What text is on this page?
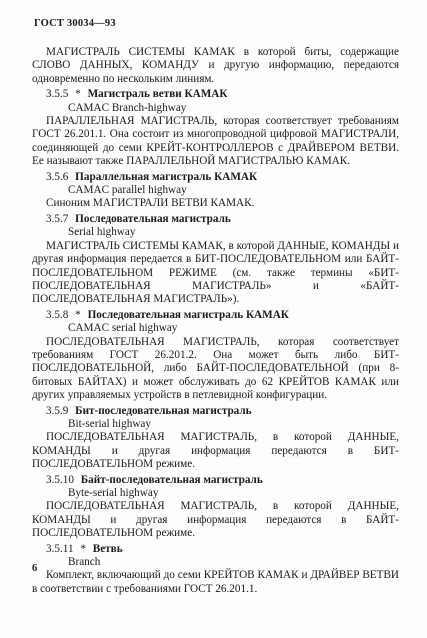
ГОСТ 30034—93

МАГИСТРАЛЬ СИСТЕМЫ КАМАК в которой биты, содержащие СЛОВО ДАННЫХ, КОМАНДУ и другую информацию, передаются одновременно по нескольким линиям.

3.5.5 * Магистраль ветви КАМАК
CAMAC Branch-highway

ПАРАЛЛЕЛЬНАЯ МАГИСТРАЛЬ, которая соответствует требованиям ГОСТ 26.201.1. Она состоит из многопроводной цифровой МАГИСТРАЛИ, соединяющей до семи КРЕЙТ-КОНТРОЛЛЕРОВ с ДРАЙВЕРОМ ВЕТВИ. Ее называют также ПАРАЛЛЕЛЬНОЙ МАГИСТРАЛЬЮ КАМАК.

3.5.6 Параллельная магистраль КАМАК
CAMAC parallel highway

Синоним МАГИСТРАЛИ ВЕТВИ КАМАК.

3.5.7 Последовательная магистраль
Serial highway

МАГИСТРАЛЬ СИСТЕМЫ КАМАК, в которой ДАННЫЕ, КОМАНДЫ и другая информация передается в БИТ-ПОСЛЕДОВАТЕЛЬНОМ или БАЙТ-ПОСЛЕДОВАТЕЛЬНОМ РЕЖИМЕ (см. также термины «БИТ-ПОСЛЕДОВАТЕЛЬНАЯ МАГИСТРАЛЬ» и «БАЙТ-ПОСЛЕДОВАТЕЛЬНАЯ МАГИСТРАЛЬ»).

3.5.8 * Последовательная магистраль КАМАК
CAMAC serial highway

ПОСЛЕДОВАТЕЛЬНАЯ МАГИСТРАЛЬ, которая соответствует требованиям ГОСТ 26.201.2. Она может быть либо БИТ-ПОСЛЕДОВАТЕЛЬНОЙ, либо БАЙТ-ПОСЛЕДОВАТЕЛЬНОЙ (при 8-битовых БАЙТАХ) и может обслуживать до 62 КРЕЙТОВ КАМАК или других управляемых устройств в петлевидной конфигурации.

3.5.9 Бит-последовательная магистраль
Bit-serial highway

ПОСЛЕДОВАТЕЛЬНАЯ МАГИСТРАЛЬ, в которой ДАННЫЕ, КОМАНДЫ и другая информация передаются в БИТ-ПОСЛЕДОВАТЕЛЬНОМ режиме.

3.5.10 Байт-последовательная магистраль
Byte-serial highway

ПОСЛЕДОВАТЕЛЬНАЯ МАГИСТРАЛЬ, в которой ДАННЫЕ, КОМАНДЫ и другая информация передаются в БАЙТ-ПОСЛЕДОВАТЕЛЬНОМ режиме.

3.5.11 * Ветвь
Branch

Комплект, включающий до семи КРЕЙТОВ КАМАК и ДРАЙВЕР ВЕТВИ в соответствии с требованиями ГОСТ 26.201.1.

6
